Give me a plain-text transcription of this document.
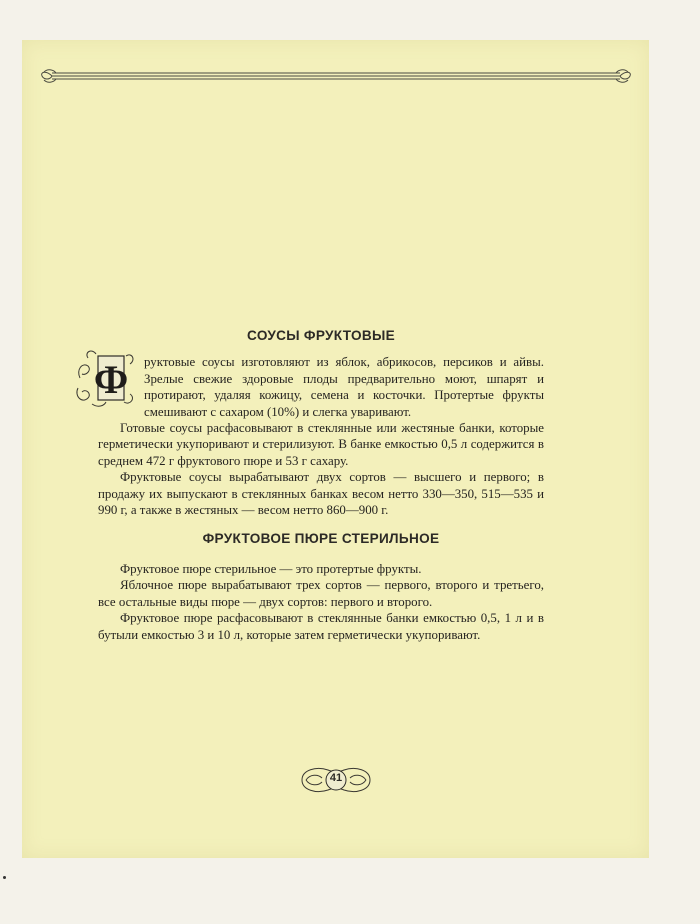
СОУСЫ ФРУКТОВЫЕ
Ф	руктовые соусы изготовляют из яблок, абрикосов, персиков и айвы. Зрелые свежие здоровые плоды предварительно моют, шпарят и протирают, удаляя кожицу, семена и косточки. Протертые фрукты смешивают с сахаром (10%) и слегка уваривают.

Готовые соусы расфасовывают в стеклянные или жестяные банки, которые герметически укупоривают и стерилизуют. В банке емкостью 0,5 л содержится в среднем 472 г фруктового пюре и 53 г сахару.

Фруктовые соусы вырабатывают двух сортов — высшего и первого; в продажу их выпускают в стеклянных банках весом нетто 330—350, 515—535 и 990 г, а также в жестяных — весом нетто 860—900 г.

ФРУКТОВОЕ ПЮРЕ СТЕРИЛЬНОЕ

Фруктовое пюре стерильное — это протертые фрукты.

Яблочное пюре вырабатывают трех сортов — первого, второго и третьего, все остальные виды пюре — двух сортов: первого и второго.

Фруктовое пюре расфасовывают в стеклянные банки емкостью 0,5, 1 л и в бутыли емкостью 3 и 10 л, которые затем герметически укупоривают.

41
